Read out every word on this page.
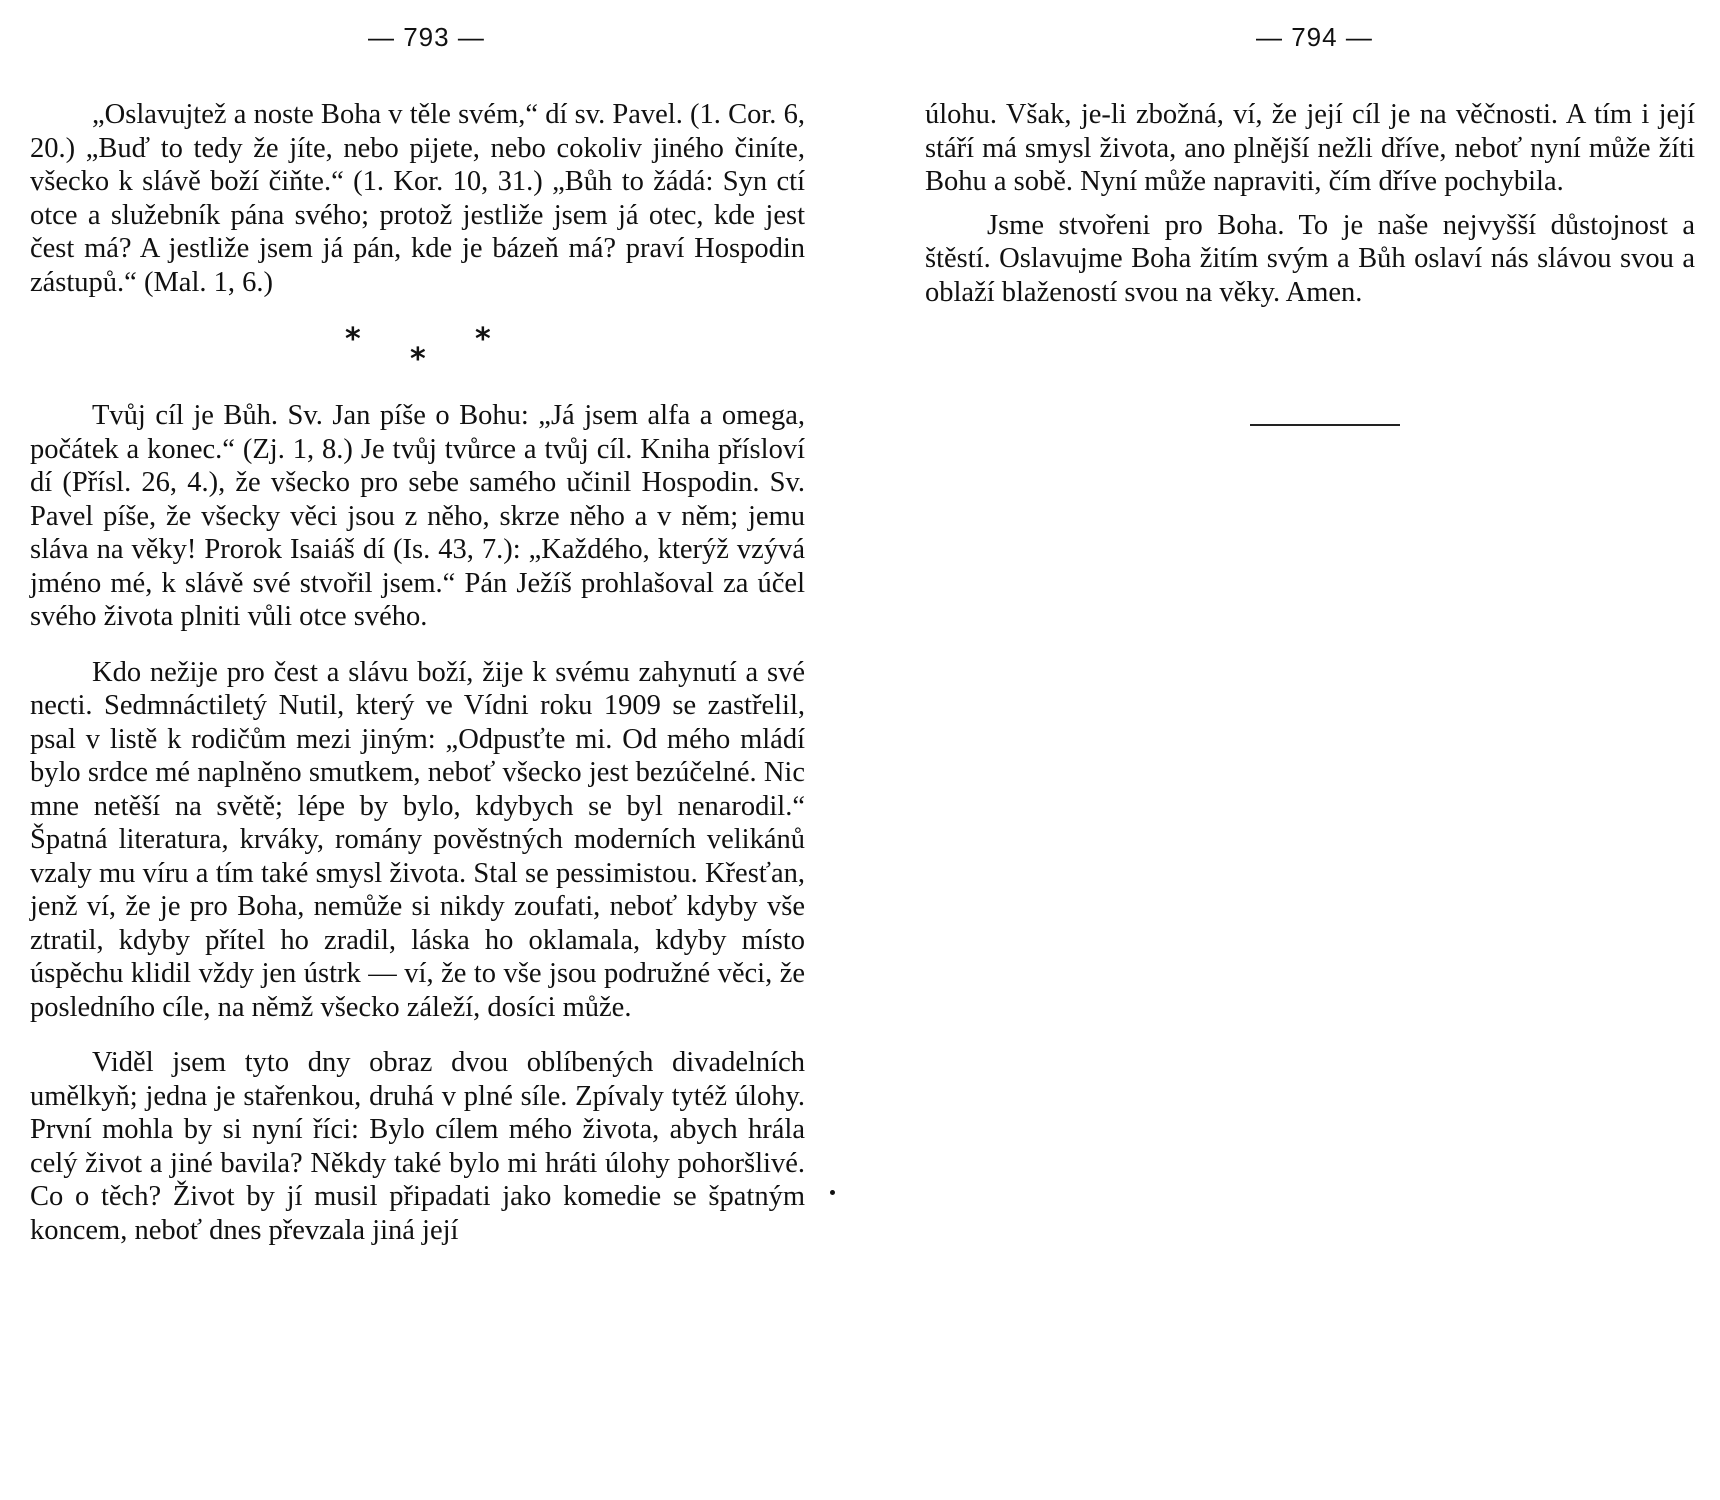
— 793 —	— 794 —

„Oslavujtež a noste Boha v těle svém,“ dí sv. Pavel. (1. Cor. 6, 20.) „Buď to tedy že jíte, nebo pijete, nebo cokoliv jiného činíte, všecko k slávě boží čiňte.“ (1. Kor. 10, 31.) „Bůh to žádá: Syn ctí otce a služebník pána svého; protož jestliže jsem já otec, kde jest čest má? A jestliže jsem já pán, kde je bázeň má? praví Hospodin zástupů.“ (Mal. 1, 6.)

*	*
*

Tvůj cíl je Bůh. Sv. Jan píše o Bohu: „Já jsem alfa a omega, počátek a konec.“ (Zj. 1, 8.) Je tvůj tvůrce a tvůj cíl. Kniha přísloví dí (Přísl. 26, 4.), že všecko pro sebe samého učinil Hospodin. Sv. Pavel píše, že všecky věci jsou z něho, skrze něho a v něm; jemu sláva na věky! Prorok Isaiáš dí (Is. 43, 7.): „Každého, kterýž vzývá jméno mé, k slávě své stvořil jsem.“ Pán Ježíš prohlašoval za účel svého života plniti vůli otce svého.

Kdo nežije pro čest a slávu boží, žije k svému zahynutí a své necti. Sedmnáctiletý Nutil, který ve Vídni roku 1909 se zastřelil, psal v listě k rodičům mezi jiným: „Odpusťte mi. Od mého mládí bylo srdce mé naplněno smutkem, neboť všecko jest bezúčelné. Nic mne netěší na světě; lépe by bylo, kdybych se byl nenarodil.“ Špatná literatura, krváky, romány pověstných moderních velikánů vzaly mu víru a tím také smysl života. Stal se pessimistou. Křesťan, jenž ví, že je pro Boha, nemůže si nikdy zoufati, neboť kdyby vše ztratil, kdyby přítel ho zradil, láska ho oklamala, kdyby místo úspěchu klidil vždy jen ústrk — ví, že to vše jsou podružné věci, že posledního cíle, na němž všecko záleží, dosíci může.

Viděl jsem tyto dny obraz dvou oblíbených divadelních umělkyň; jedna je stařenkou, druhá v plné síle. Zpívaly tytéž úlohy. První mohla by si nyní říci: Bylo cílem mého života, abych hrála celý život a jiné bavila? Někdy také bylo mi hráti úlohy pohoršlivé. Co o těch? Život by jí musil připadati jako komedie se špatným koncem, neboť dnes převzala jiná její

úlohu. Však, je-li zbožná, ví, že její cíl je na věčnosti. A tím i její stáří má smysl života, ano plnější nežli dříve, neboť nyní může žíti Bohu a sobě. Nyní může napraviti, čím dříve pochybila.

Jsme stvořeni pro Boha. To je naše nejvyšší důstojnost a štěstí. Oslavujme Boha žitím svým a Bůh oslaví nás slávou svou a oblaží blažeností svou na věky. Amen.
